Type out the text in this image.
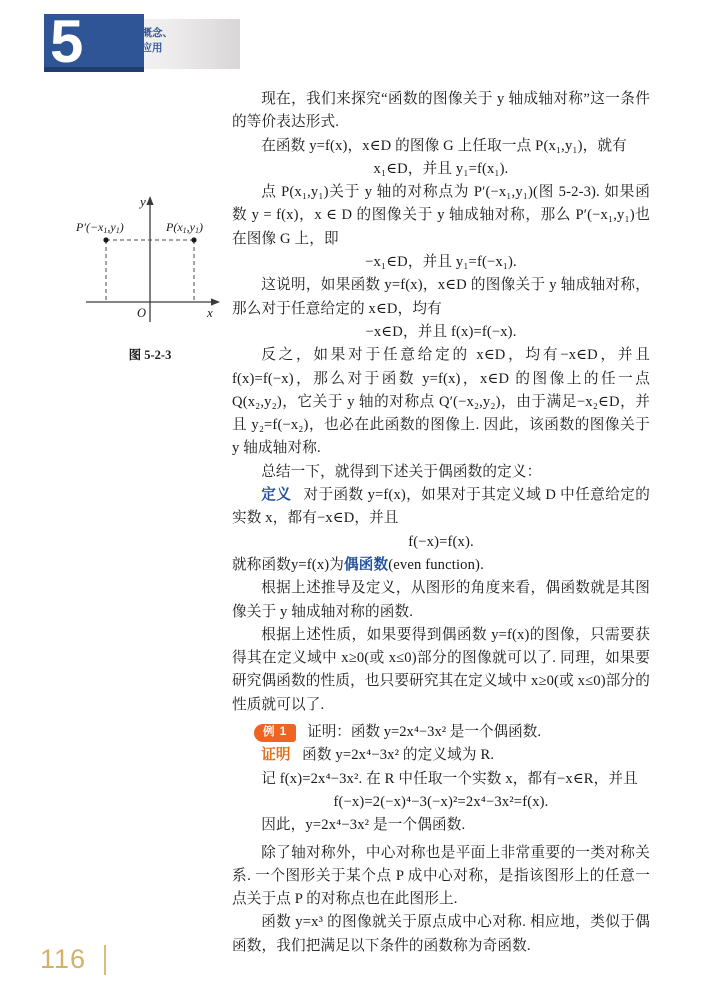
5	函数的概念、
性质及应用
y
x
O
P′(−x1,y1)	P(x1,y1)
图 5-2-3

现在，我们来探究“函数的图像关于 y 轴成轴对称”这一条件的等价表达形式.

在函数 y=f(x)，x∈D 的图像 G 上任取一点 P(x₁,y₁)，就有

x₁∈D，并且 y₁=f(x₁).

点 P(x₁,y₁)关于 y 轴的对称点为 P′(−x₁,y₁)(图 5-2-3). 如果函数 y = f(x)，x ∈ D 的图像关于 y 轴成轴对称，那么 P′(−x₁,y₁)也在图像 G 上，即

−x₁∈D，并且 y₁=f(−x₁).

这说明，如果函数 y=f(x)，x∈D 的图像关于 y 轴成轴对称，那么对于任意给定的 x∈D，均有

−x∈D，并且 f(x)=f(−x).

反之，如果对于任意给定的 x∈D，均有−x∈D，并且 f(x)=f(−x)，那么对于函数 y=f(x)，x∈D 的图像上的任一点Q(x₂,y₂)，它关于 y 轴的对称点 Q′(−x₂,y₂)，由于满足−x₂∈D，并且 y₂=f(−x₂)，也必在此函数的图像上. 因此，该函数的图像关于 y 轴成轴对称.

总结一下，就得到下述关于偶函数的定义：

定义 对于函数 y=f(x)，如果对于其定义域 D 中任意给定的实数 x，都有−x∈D，并且

f(−x)=f(x).

就称函数y=f(x)为偶函数(even function).

根据上述推导及定义，从图形的角度来看，偶函数就是其图像关于 y 轴成轴对称的函数.

根据上述性质，如果要得到偶函数 y=f(x)的图像，只需要获得其在定义域中 x≥0(或 x≤0)部分的图像就可以了. 同理，如果要研究偶函数的性质，也只要研究其在定义域中 x≥0(或 x≤0)部分的性质就可以了.

例 1	证明：函数 y=2x⁴−3x² 是一个偶函数.

证明 函数 y=2x⁴−3x² 的定义域为 R.

记 f(x)=2x⁴−3x². 在 R 中任取一个实数 x，都有−x∈R，并且

f(−x)=2(−x)⁴−3(−x)²=2x⁴−3x²=f(x).

因此，y=2x⁴−3x² 是一个偶函数.

除了轴对称外，中心对称也是平面上非常重要的一类对称关系. 一个图形关于某个点 P 成中心对称，是指该图形上的任意一点关于点 P 的对称点也在此图形上.

函数 y=x³ 的图像就关于原点成中心对称. 相应地，类似于偶函数，我们把满足以下条件的函数称为奇函数.

116
